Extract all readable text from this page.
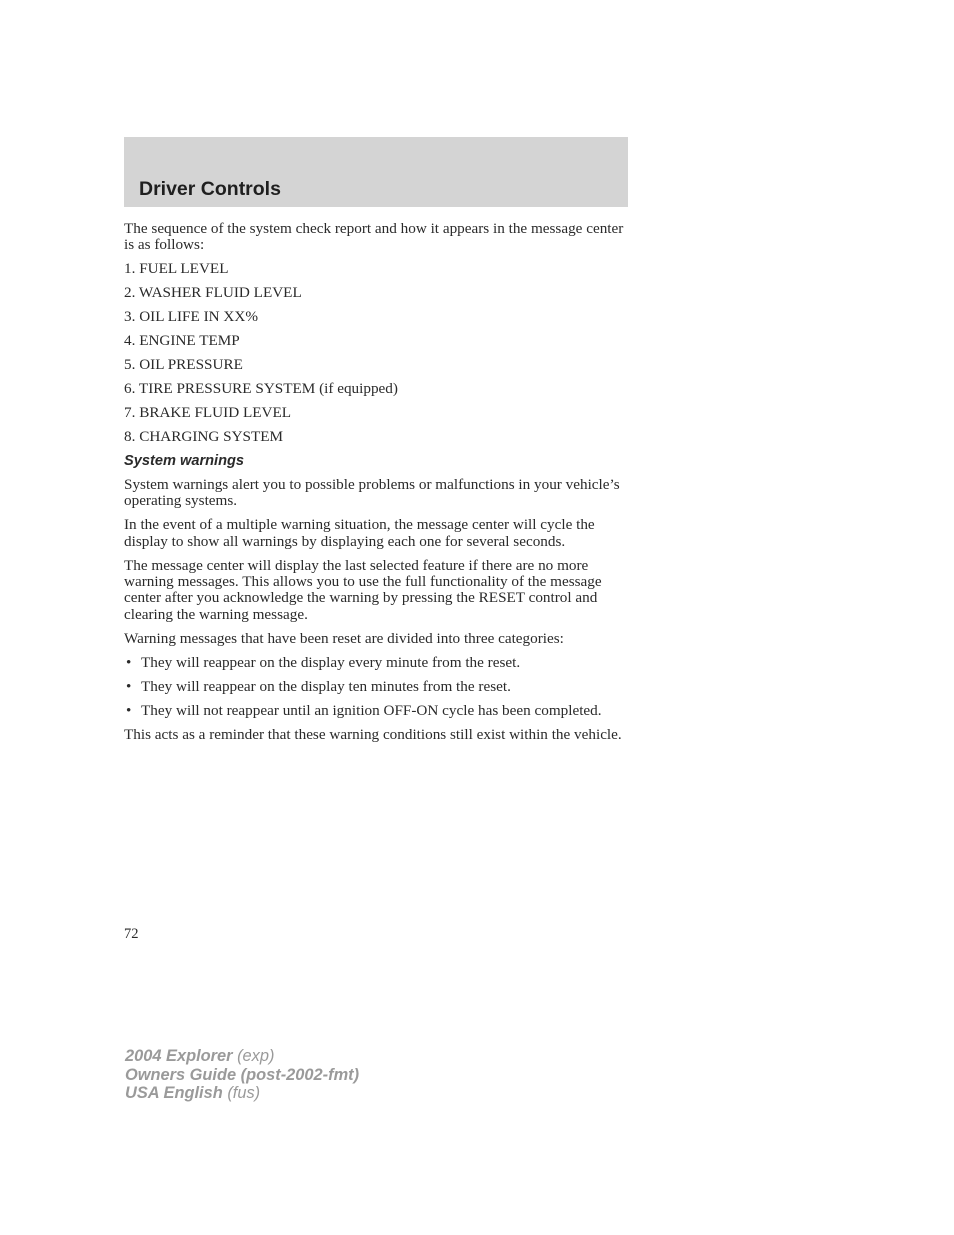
Driver Controls

The sequence of the system check report and how it appears in the message center is as follows:

1. FUEL LEVEL
2. WASHER FLUID LEVEL
3. OIL LIFE IN XX%
4. ENGINE TEMP
5. OIL PRESSURE
6. TIRE PRESSURE SYSTEM (if equipped)
7. BRAKE FLUID LEVEL
8. CHARGING SYSTEM
System warnings

System warnings alert you to possible problems or malfunctions in your vehicle’s operating systems.

In the event of a multiple warning situation, the message center will cycle the display to show all warnings by displaying each one for several seconds.

The message center will display the last selected feature if there are no more warning messages. This allows you to use the full functionality of the message center after you acknowledge the warning by pressing the RESET control and clearing the warning message.

Warning messages that have been reset are divided into three categories:

• They will reappear on the display every minute from the reset.
• They will reappear on the display ten minutes from the reset.
• They will not reappear until an ignition OFF-ON cycle has been completed.

This acts as a reminder that these warning conditions still exist within the vehicle.

72
2004 Explorer (exp)
Owners Guide (post-2002-fmt)
USA English (fus)
